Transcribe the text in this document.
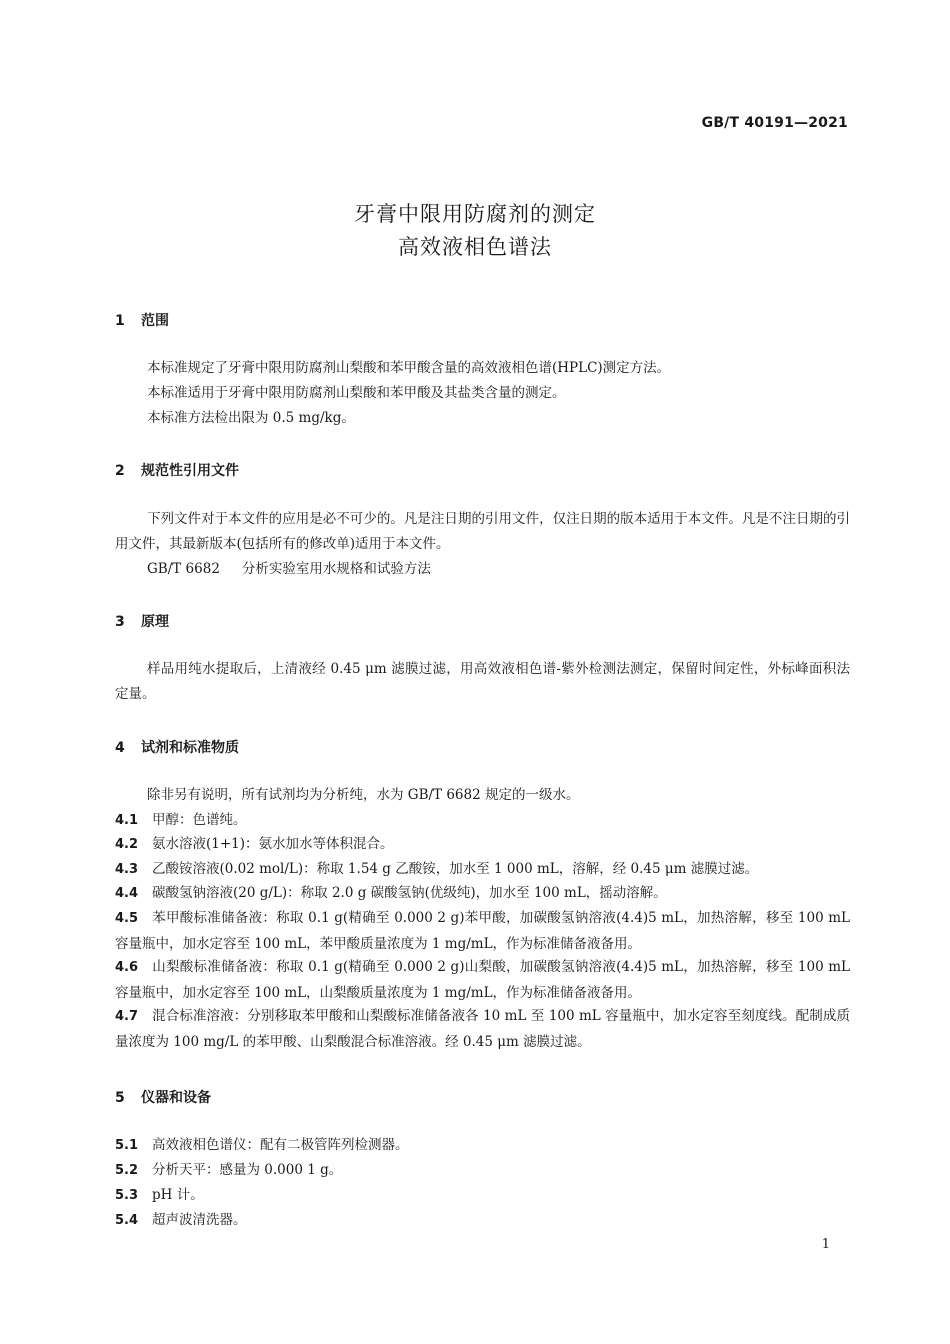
GB/T 40191—2021
牙膏中限用防腐剂的测定
高效液相色谱法
1 范围
本标准规定了牙膏中限用防腐剂山梨酸和苯甲酸含量的高效液相色谱(HPLC)测定方法。
本标准适用于牙膏中限用防腐剂山梨酸和苯甲酸及其盐类含量的测定。
本标准方法检出限为 0.5 mg/kg。
2 规范性引用文件
下列文件对于本文件的应用是必不可少的。凡是注日期的引用文件，仅注日期的版本适用于本文件。凡是不注日期的引用文件，其最新版本(包括所有的修改单)适用于本文件。
GB/T 6682 分析实验室用水规格和试验方法
3 原理
样品用纯水提取后，上清液经 0.45 μm 滤膜过滤，用高效液相色谱-紫外检测法测定，保留时间定性，外标峰面积法定量。
4 试剂和标准物质
除非另有说明，所有试剂均为分析纯，水为 GB/T 6682 规定的一级水。
4.1 甲醇：色谱纯。
4.2 氨水溶液(1+1)：氨水加水等体积混合。
4.3 乙酸铵溶液(0.02 mol/L)：称取 1.54 g 乙酸铵，加水至 1 000 mL，溶解，经 0.45 μm 滤膜过滤。
4.4 碳酸氢钠溶液(20 g/L)：称取 2.0 g 碳酸氢钠(优级纯)，加水至 100 mL，摇动溶解。
4.5 苯甲酸标准储备液：称取 0.1 g(精确至 0.000 2 g)苯甲酸，加碳酸氢钠溶液(4.4)5 mL，加热溶解，移至 100 mL 容量瓶中，加水定容至 100 mL，苯甲酸质量浓度为 1 mg/mL，作为标准储备液备用。
4.6 山梨酸标准储备液：称取 0.1 g(精确至 0.000 2 g)山梨酸，加碳酸氢钠溶液(4.4)5 mL，加热溶解，移至 100 mL 容量瓶中，加水定容至 100 mL，山梨酸质量浓度为 1 mg/mL，作为标准储备液备用。
4.7 混合标准溶液：分别移取苯甲酸和山梨酸标准储备液各 10 mL 至 100 mL 容量瓶中，加水定容至刻度线。配制成质量浓度为 100 mg/L 的苯甲酸、山梨酸混合标准溶液。经 0.45 μm 滤膜过滤。
5 仪器和设备
5.1 高效液相色谱仪：配有二极管阵列检测器。
5.2 分析天平：感量为 0.000 1 g。
5.3 pH 计。
5.4 超声波清洗器。
1
